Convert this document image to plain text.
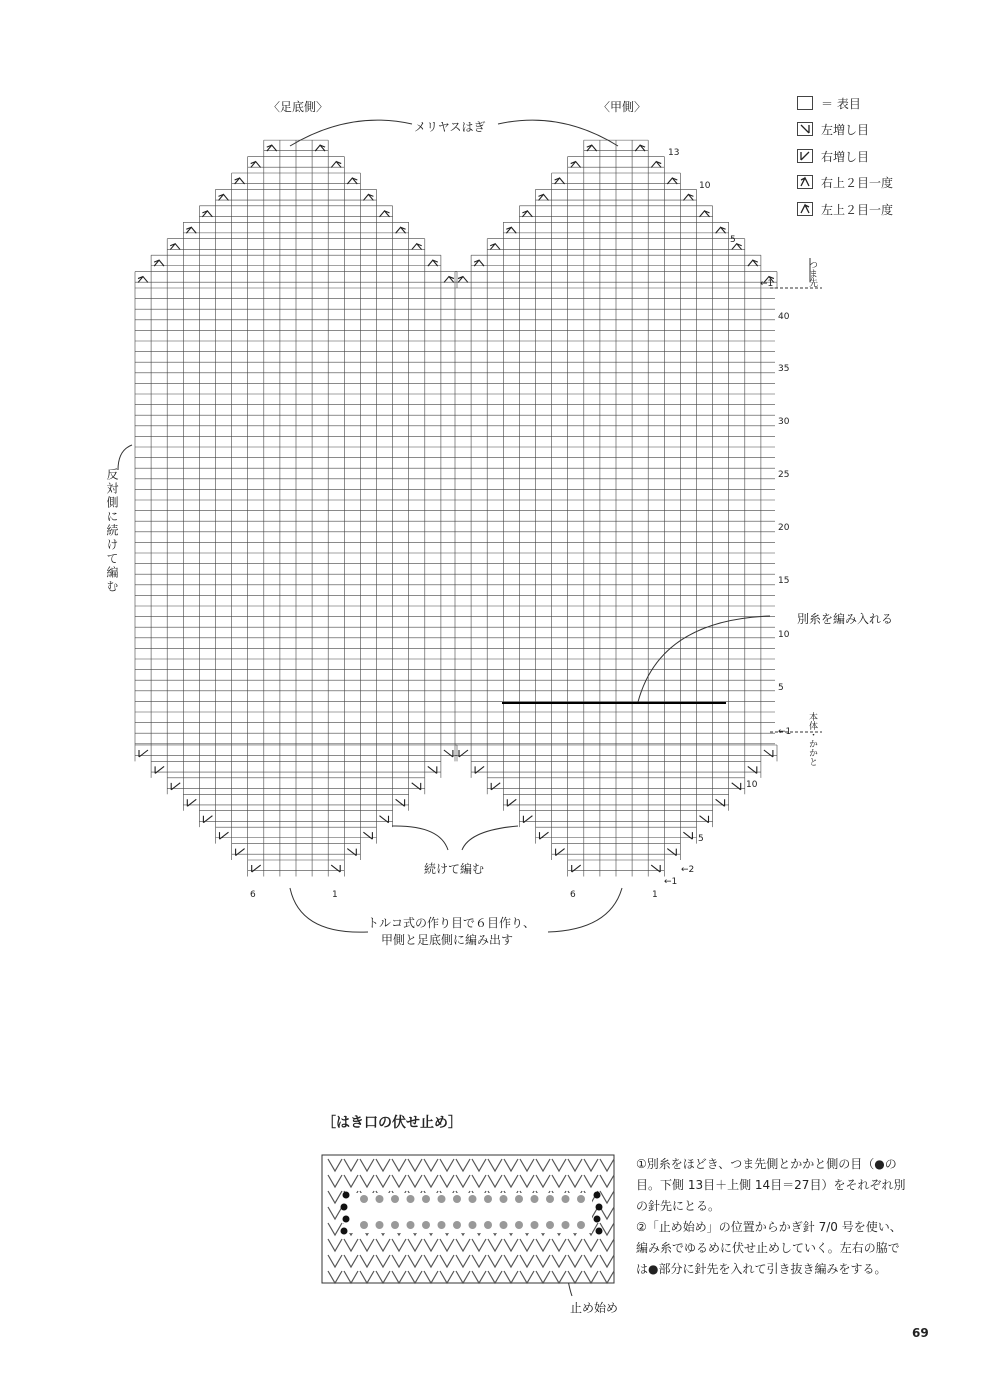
〈足底側〉	〈甲側〉
メリヤスはぎ
反対側に続けて編む
続けて編む
トルコ式の作り目で６目作り、
甲側と足底側に編み出す
別糸を編み入れる
つま先
本体・かかと
40
35
30
25
20
15
10
5
13
10
5
←1
←1
10
5
←2
←1
6	1	6	1
＝ 表目
左増し目
右増し目
右上２目一度
左上２目一度
［はき口の伏せ止め］

①別糸をほどき、つま先側とかかと側の目（●の目。下側 13目＋上側 14目＝27目）をそれぞれ別の針先にとる。

②「止め始め」の位置からかぎ針 7/0 号を使い、編み糸でゆるめに伏せ止めしていく。左右の脇では●部分に針先を入れて引き抜き編みをする。

止め始め
69
